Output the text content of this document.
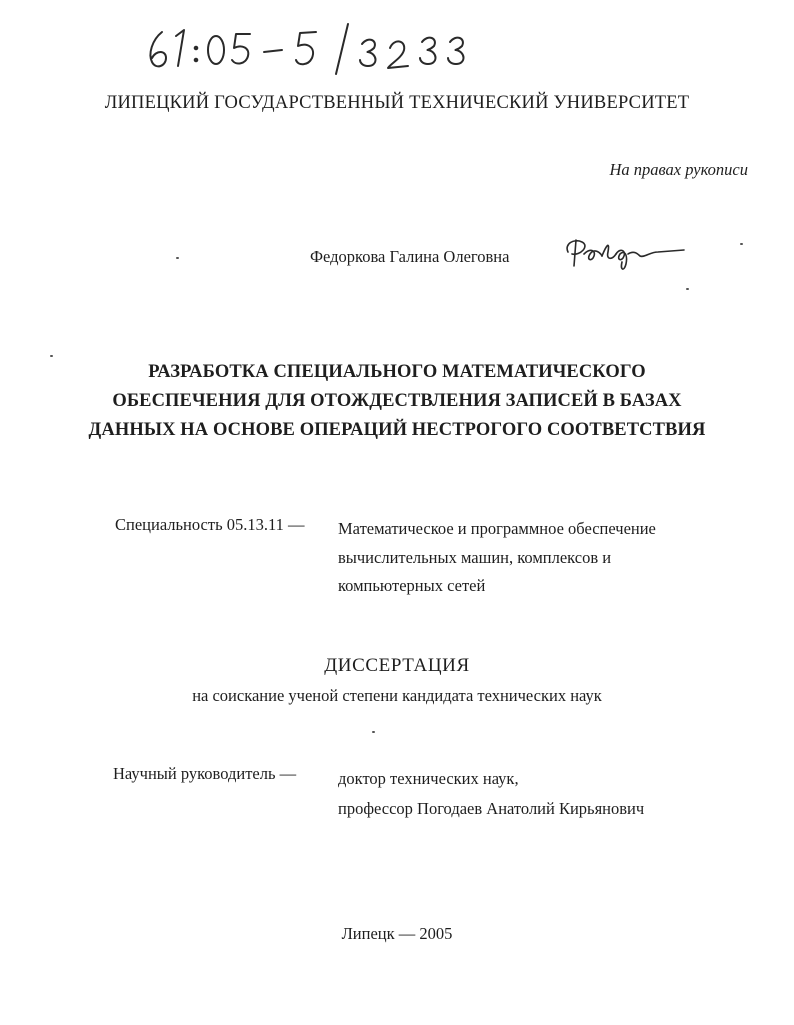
ЛИПЕЦКИЙ ГОСУДАРСТВЕННЫЙ ТЕХНИЧЕСКИЙ УНИВЕРСИТЕТ
На правах рукописи
Федоркова Галина Олеговна
РАЗРАБОТКА СПЕЦИАЛЬНОГО МАТЕМАТИЧЕСКОГО
ОБЕСПЕЧЕНИЯ ДЛЯ ОТОЖДЕСТВЛЕНИЯ ЗАПИСЕЙ В БАЗАХ
ДАННЫХ НА ОСНОВЕ ОПЕРАЦИЙ НЕСТРОГОГО СООТВЕТСТВИЯ
Специальность 05.13.11 — Математическое и программное обеспечение
вычислительных машин, комплексов и
компьютерных сетей
ДИССЕРТАЦИЯ
на соискание ученой степени кандидата технических наук
Научный руководитель —	доктор технических наук,
профессор Погодаев Анатолий Кирьянович
Липецк — 2005
